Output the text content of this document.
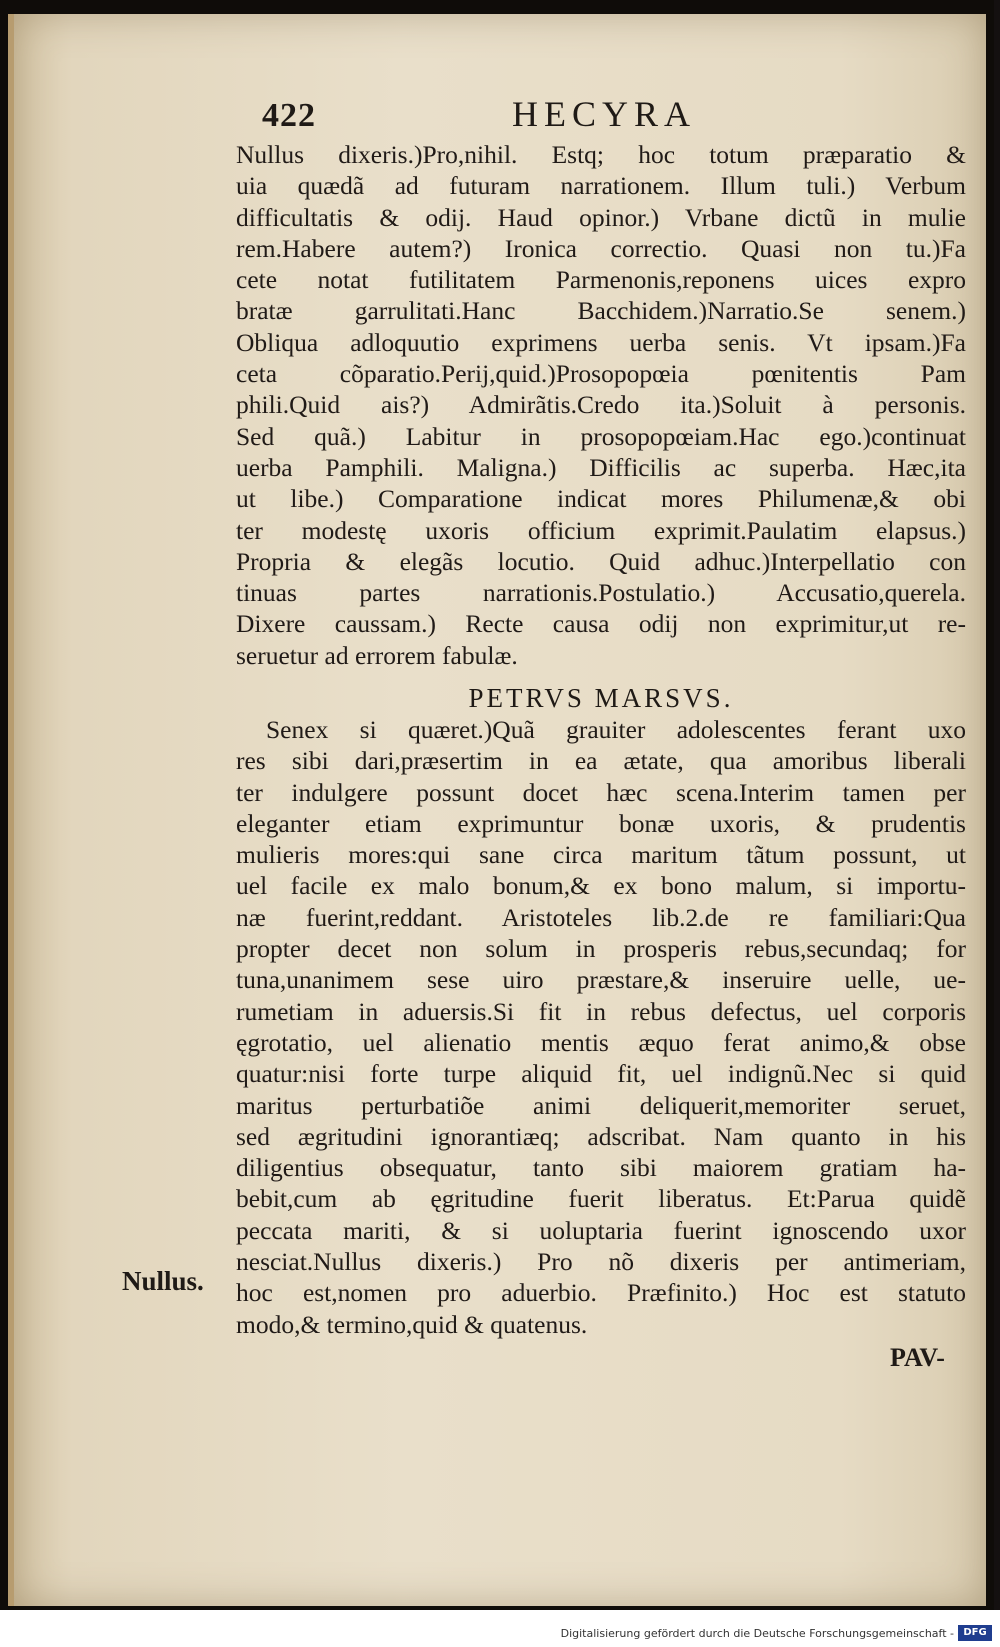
422	HECYRA
Nullus dixeris.)Pro,nihil. Estq; hoc totum præparatio &
uia quædã ad futuram narrationem. Illum tuli.) Verbum
difficultatis & odij. Haud opinor.) Vrbane dictũ in mulie
rem.Habere autem?) Ironica correctio. Quasi non tu.)Fa
cete notat futilitatem Parmenonis,reponens uices expro
bratæ garrulitati.Hanc Bacchidem.)Narratio.Se senem.)
Obliqua adloquutio exprimens uerba senis. Vt ipsam.)Fa
ceta cõparatio.Perij,quid.)Prosopopœia pœnitentis Pam
phili.Quid ais?) Admirãtis.Credo ita.)Soluit à personis.
Sed quã.) Labitur in prosopopœiam.Hac ego.)continuat
uerba Pamphili. Maligna.) Difficilis ac superba. Hæc,ita
ut libe.) Comparatione indicat mores Philumenæ,& obi
ter modestę uxoris officium exprimit.Paulatim elapsus.)
Propria & elegãs locutio. Quid adhuc.)Interpellatio con
tinuas partes narrationis.Postulatio.) Accusatio,querela.
Dixere caussam.) Recte causa odij non exprimitur,ut re-
seruetur ad errorem fabulæ.
PETRVS MARSVS.
Senex si quæret.)Quã grauiter adolescentes ferant uxo
res sibi dari,præsertim in ea ætate, qua amoribus liberali
ter indulgere possunt docet hæc scena.Interim tamen per
eleganter etiam exprimuntur bonæ uxoris, & prudentis
mulieris mores:qui sane circa maritum tãtum possunt, ut
uel facile ex malo bonum,& ex bono malum, si importu-
næ fuerint,reddant. Aristoteles lib.2.de re familiari:Qua
propter decet non solum in prosperis rebus,secundaq; for
tuna,unanimem sese uiro præstare,& inseruire uelle, ue-
rumetiam in aduersis.Si fit in rebus defectus, uel corporis
ęgrotatio, uel alienatio mentis æquo ferat animo,& obse
quatur:nisi forte turpe aliquid fit, uel indignũ.Nec si quid
maritus perturbatiõe animi deliquerit,memoriter seruet,
sed ægritudini ignorantiæq; adscribat. Nam quanto in his
diligentius obsequatur, tanto sibi maiorem gratiam ha-
bebit,cum ab ęgritudine fuerit liberatus. Et:Parua quidẽ
peccata mariti, & si uoluptaria fuerint ignoscendo uxor
nesciat.Nullus dixeris.) Pro nõ dixeris per antimeriam,
hoc est,nomen pro aduerbio. Præfinito.) Hoc est statuto
modo,& termino,quid & quatenus.
Nullus.
PAV-
Digitalisierung gefördert durch die Deutsche Forschungsgemeinschaft - DFG
